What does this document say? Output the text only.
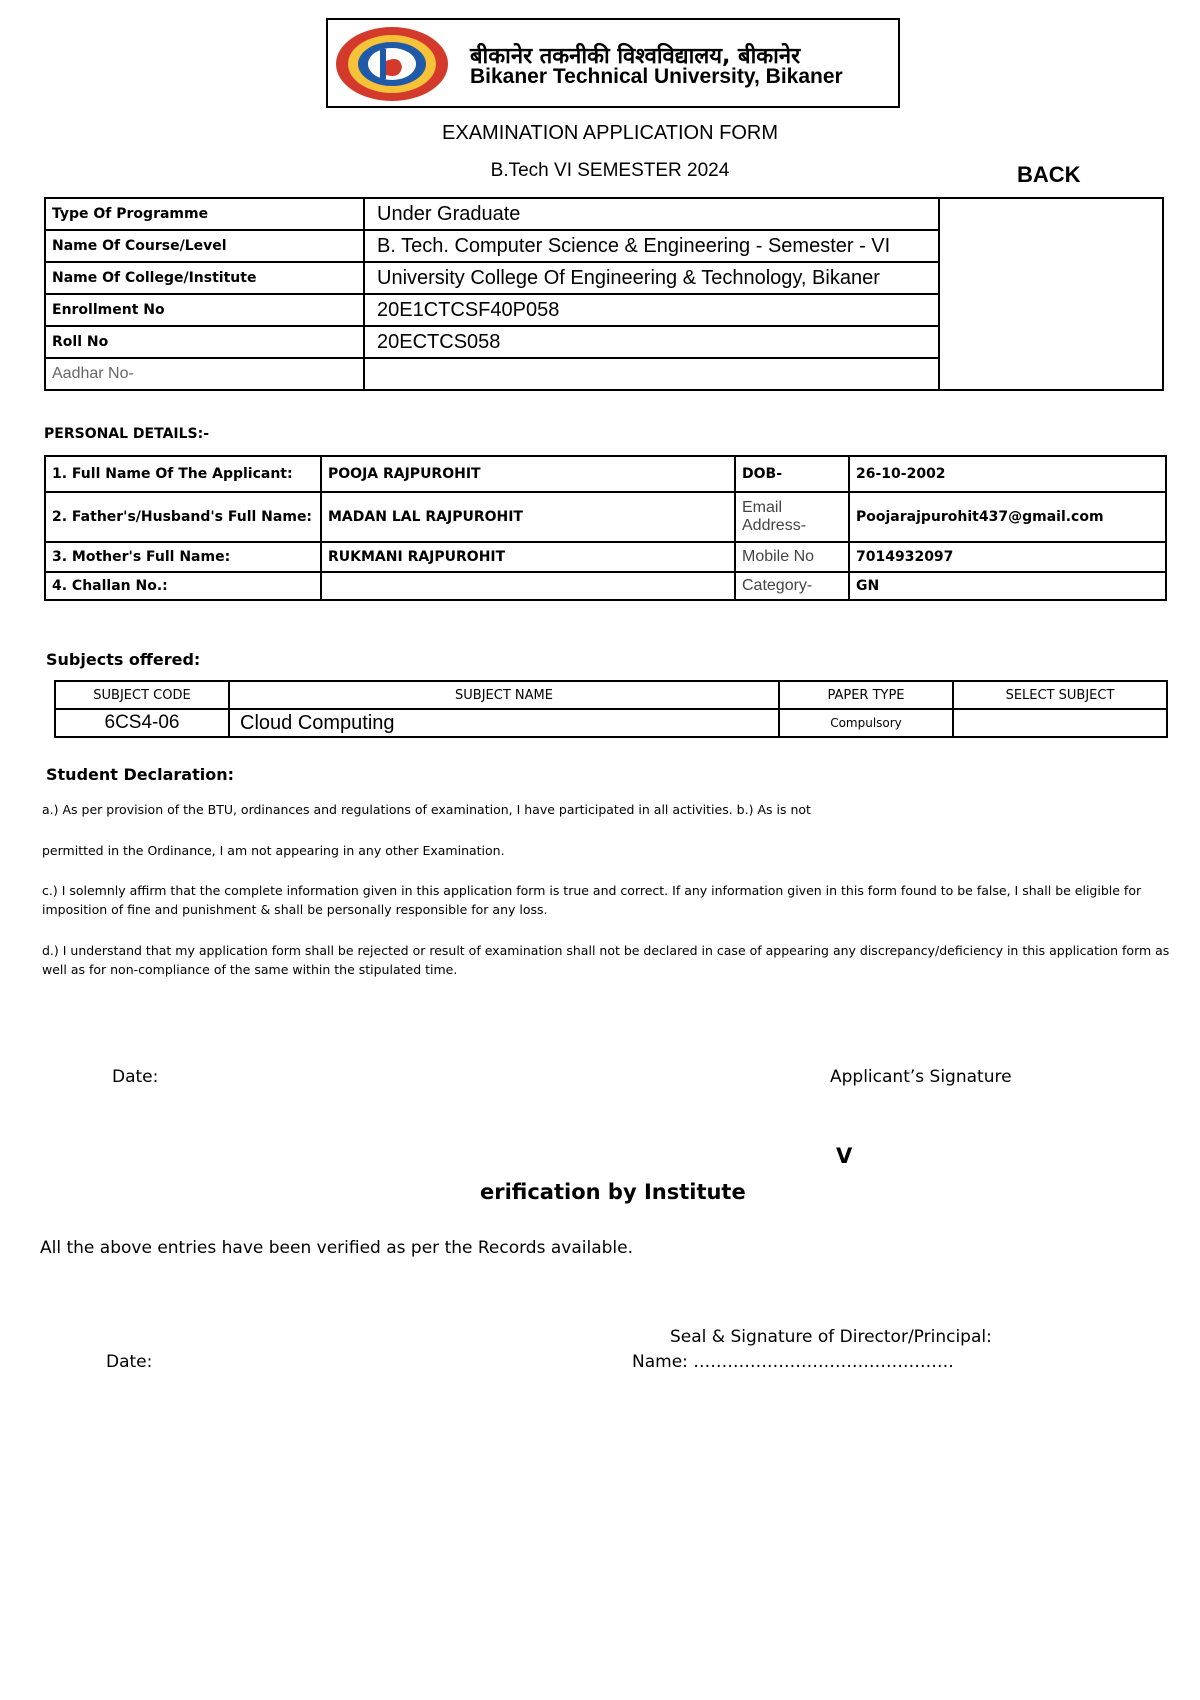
बीकानेर तकनीकी विश्वविद्यालय, बीकानेर
Bikaner Technical University, Bikaner
EXAMINATION APPLICATION FORM
B.Tech VI SEMESTER 2024	BACK
Type Of Programme	Under Graduate	
Name Of Course/Level	B. Tech. Computer Science & Engineering - Semester - VI	
Name Of College/Institute	University College Of Engineering & Technology, Bikaner	
Enrollment No	20E1CTCSF40P058	
Roll No	20ECTCS058	
Aadhar No-		
PERSONAL DETAILS:-
1. Full Name Of The Applicant:	POOJA RAJPUROHIT	DOB-	26-10-2002
2. Father's/Husband's Full Name:	MADAN LAL RAJPUROHIT	Email Address-	Poojarajpurohit437@gmail.com
3. Mother's Full Name:	RUKMANI RAJPUROHIT	Mobile No	7014932097
4. Challan No.:		Category-	GN
Subjects offered:
SUBJECT CODE	SUBJECT NAME	PAPER TYPE	SELECT SUBJECT
6CS4-06	Cloud Computing	Compulsory	
Student Declaration:
a.) As per provision of the BTU, ordinances and regulations of examination, I have participated in all activities. b.) As is not
permitted in the Ordinance, I am not appearing in any other Examination.
c.) I solemnly affirm that the complete information given in this application form is true and correct. If any information given in this form found to be false, I shall be eligible for imposition of fine and punishment & shall be personally responsible for any loss.
d.) I understand that my application form shall be rejected or result of examination shall not be declared in case of appearing any discrepancy/deficiency in this application form as well as for non-compliance of the same within the stipulated time.
Date:	Applicant’s Signature
V
erification by Institute
All the above entries have been verified as per the Records available.
Seal & Signature of Director/Principal:
Date:	Name: ……………………………………….
